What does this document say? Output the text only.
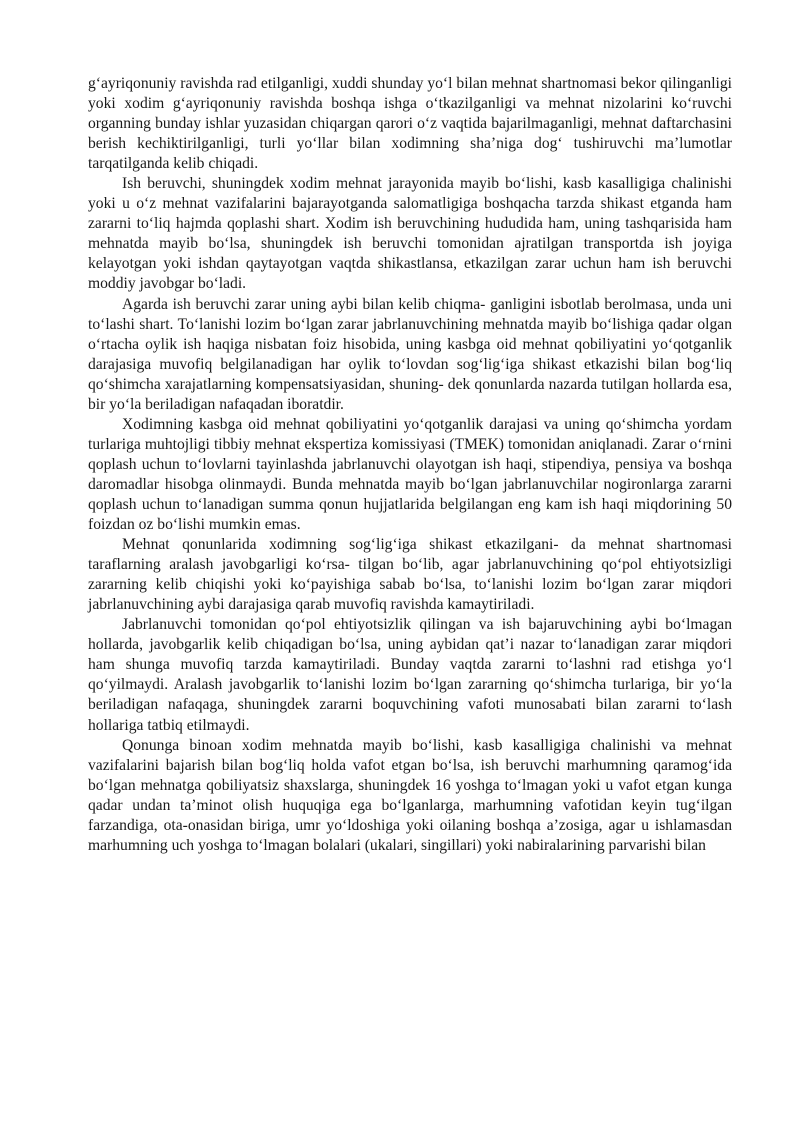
g‘ayriqonuniy ravishda rad etilganligi, xuddi shunday yo‘l bilan mehnat shartnomasi bekor qilinganligi yoki xodim g‘ayriqonuniy ravishda boshqa ishga o‘tkazilganligi va mehnat nizolarini ko‘ruvchi organning bunday ishlar yuzasidan chiqargan qarori o‘z vaqtida bajarilmaganligi, mehnat daftarchasini berish kechiktirilganligi, turli yo‘llar bilan xodimning sha’niga dog‘ tushiruvchi ma’lumotlar tarqatilganda kelib chiqadi.

Ish beruvchi, shuningdek xodim mehnat jarayonida mayib bo‘lishi, kasb kasalligiga chalinishi yoki u o‘z mehnat vazifalarini bajarayotganda salomatligiga boshqacha tarzda shikast etganda ham zararni to‘liq hajmda qoplashi shart. Xodim ish beruvchining hududida ham, uning tashqarisida ham mehnatda mayib bo‘lsa, shuningdek ish beruvchi tomonidan ajratilgan transportda ish joyiga kelayotgan yoki ishdan qaytayotgan vaqtda shikastlansa, etkazilgan zarar uchun ham ish beruvchi moddiy javobgar bo‘ladi.

Agarda ish beruvchi zarar uning aybi bilan kelib chiqma- ganligini isbotlab berolmasa, unda uni to‘lashi shart. To‘lanishi lozim bo‘lgan zarar jabrlanuvchining mehnatda mayib bo‘lishiga qadar olgan o‘rtacha oylik ish haqiga nisbatan foiz hisobida, uning kasbga oid mehnat qobiliyatini yo‘qotganlik darajasiga muvofiq belgilanadigan har oylik to‘lovdan sog‘lig‘iga shikast etkazishi bilan bog‘liq qo‘shimcha xarajatlarning kompensatsiyasidan, shuning- dek qonunlarda nazarda tutilgan hollarda esa, bir yo‘la beriladigan nafaqadan iboratdir.

Xodimning kasbga oid mehnat qobiliyatini yo‘qotganlik darajasi va uning qo‘shimcha yordam turlariga muhtojligi tibbiy mehnat ekspertiza komissiyasi (TMEK) tomonidan aniqlanadi. Zarar o‘rnini qoplash uchun to‘lovlarni tayinlashda jabrlanuvchi olayotgan ish haqi, stipendiya, pensiya va boshqa daromadlar hisobga olinmaydi. Bunda mehnatda mayib bo‘lgan jabrlanuvchilar nogironlarga zararni qoplash uchun to‘lanadigan summa qonun hujjatlarida belgilangan eng kam ish haqi miqdorining 50 foizdan oz bo‘lishi mumkin emas.

Mehnat qonunlarida xodimning sog‘lig‘iga shikast etkazilgani- da mehnat shartnomasi taraflarning aralash javobgarligi ko‘rsa- tilgan bo‘lib, agar jabrlanuvchining qo‘pol ehtiyotsizligi zararning kelib chiqishi yoki ko‘payishiga sabab bo‘lsa, to‘lanishi lozim bo‘lgan zarar miqdori jabrlanuvchining aybi darajasiga qarab muvofiq ravishda kamaytiriladi.

Jabrlanuvchi tomonidan qo‘pol ehtiyotsizlik qilingan va ish bajaruvchining aybi bo‘lmagan hollarda, javobgarlik kelib chiqadigan bo‘lsa, uning aybidan qat’i nazar to‘lanadigan zarar miqdori ham shunga muvofiq tarzda kamaytiriladi. Bunday vaqtda zararni to‘lashni rad etishga yo‘l qo‘yilmaydi. Aralash javobgarlik to‘lanishi lozim bo‘lgan zararning qo‘shimcha turlariga, bir yo‘la beriladigan nafaqaga, shuningdek zararni boquvchining vafoti munosabati bilan zararni to‘lash hollariga tatbiq etilmaydi.

Qonunga binoan xodim mehnatda mayib bo‘lishi, kasb kasalligiga chalinishi va mehnat vazifalarini bajarish bilan bog‘liq holda vafot etgan bo‘lsa, ish beruvchi marhumning qaramog‘ida bo‘lgan mehnatga qobiliyatsiz shaxslarga, shuningdek 16 yoshga to‘lmagan yoki u vafot etgan kunga qadar undan ta’minot olish huquqiga ega bo‘lganlarga, marhumning vafotidan keyin tug‘ilgan farzandiga, ota-onasidan biriga, umr yo‘ldoshiga yoki oilaning boshqa a’zosiga, agar u ishlamasdan marhumning uch yoshga to‘lmagan bolalari (ukalari, singillari) yoki nabiralarining parvarishi bilan
